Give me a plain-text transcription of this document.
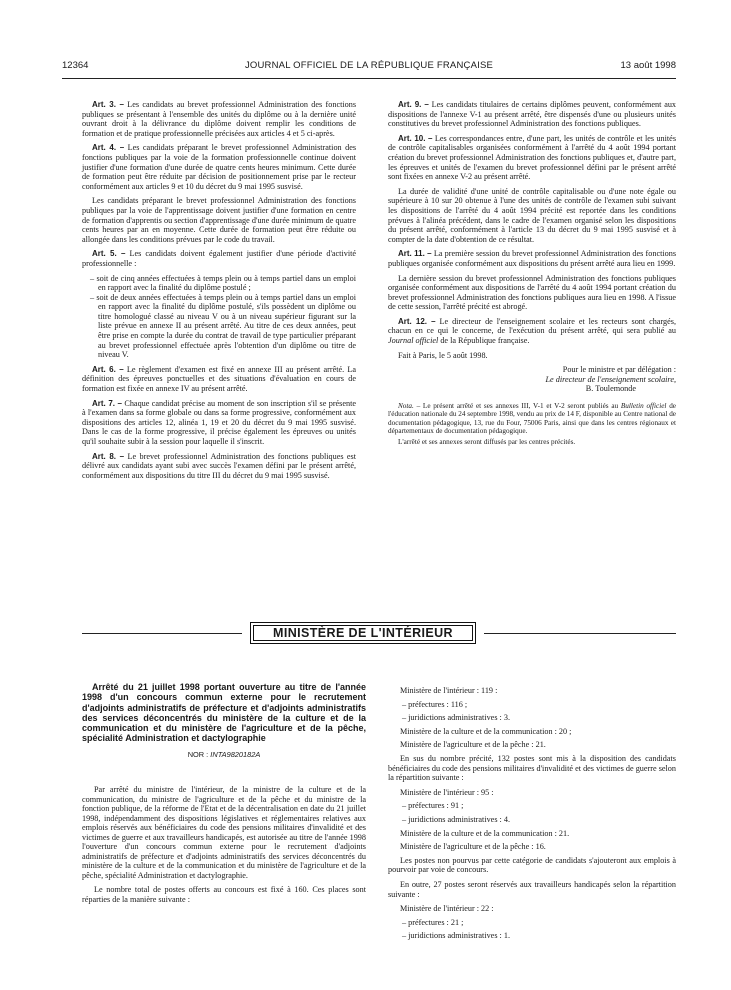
12364	JOURNAL OFFICIEL DE LA RÉPUBLIQUE FRANÇAISE	13 août 1998

Art. 3. – Les candidats au brevet professionnel Administration des fonctions publiques se présentant à l'ensemble des unités du diplôme ou à la dernière unité ouvrant droit à la délivrance du diplôme doivent remplir les conditions de formation et de pratique professionnelle précisées aux articles 4 et 5 ci-après.

Art. 4. – Les candidats préparant le brevet professionnel Administration des fonctions publiques par la voie de la formation professionnelle continue doivent justifier d'une formation d'une durée de quatre cents heures minimum. Cette durée de formation peut être réduite par décision de positionnement prise par le recteur conformément aux articles 9 et 10 du décret du 9 mai 1995 susvisé.

Les candidats préparant le brevet professionnel Administration des fonctions publiques par la voie de l'apprentissage doivent justifier d'une formation en centre de formation d'apprentis ou section d'apprentissage d'une durée minimum de quatre cents heures par an en moyenne. Cette durée de formation peut être réduite ou allongée dans les conditions prévues par le code du travail.

Art. 5. – Les candidats doivent également justifier d'une période d'activité professionnelle :

– soit de cinq années effectuées à temps plein ou à temps partiel dans un emploi en rapport avec la finalité du diplôme postulé ;
– soit de deux années effectuées à temps plein ou à temps partiel dans un emploi en rapport avec la finalité du diplôme postulé, s'ils possèdent un diplôme ou titre homologué classé au niveau V ou à un niveau supérieur figurant sur la liste prévue en annexe II au présent arrêté. Au titre de ces deux années, peut être prise en compte la durée du contrat de travail de type particulier préparant au brevet professionnel effectuée après l'obtention d'un diplôme ou titre de niveau V.

Art. 6. – Le règlement d'examen est fixé en annexe III au présent arrêté. La définition des épreuves ponctuelles et des situations d'évaluation en cours de formation est fixée en annexe IV au présent arrêté.

Art. 7. – Chaque candidat précise au moment de son inscription s'il se présente à l'examen dans sa forme globale ou dans sa forme progressive, conformément aux dispositions des articles 12, alinéa 1, 19 et 20 du décret du 9 mai 1995 susvisé. Dans le cas de la forme progressive, il précise également les épreuves ou unités qu'il souhaite subir à la session pour laquelle il s'inscrit.

Art. 8. – Le brevet professionnel Administration des fonctions publiques est délivré aux candidats ayant subi avec succès l'examen défini par le présent arrêté, conformément aux dispositions du titre III du décret du 9 mai 1995 susvisé.

Art. 9. – Les candidats titulaires de certains diplômes peuvent, conformément aux dispositions de l'annexe V-1 au présent arrêté, être dispensés d'une ou plusieurs unités constitutives du brevet professionnel Administration des fonctions publiques.

Art. 10. – Les correspondances entre, d'une part, les unités de contrôle et les unités de contrôle capitalisables organisées conformément à l'arrêté du 4 août 1994 portant création du brevet professionnel Administration des fonctions publiques et, d'autre part, les épreuves et unités de l'examen du brevet professionnel défini par le présent arrêté sont fixées en annexe V-2 au présent arrêté.

La durée de validité d'une unité de contrôle capitalisable ou d'une note égale ou supérieure à 10 sur 20 obtenue à l'une des unités de contrôle de l'examen subi suivant les dispositions de l'arrêté du 4 août 1994 précité est reportée dans les conditions prévues à l'alinéa précédent, dans le cadre de l'examen organisé selon les dispositions du présent arrêté, conformément à l'article 13 du décret du 9 mai 1995 susvisé et à compter de la date d'obtention de ce résultat.

Art. 11. – La première session du brevet professionnel Administration des fonctions publiques organisée conformément aux dispositions du présent arrêté aura lieu en 1999.

La dernière session du brevet professionnel Administration des fonctions publiques organisée conformément aux dispositions de l'arrêté du 4 août 1994 portant création du brevet professionnel Administration des fonctions publiques aura lieu en 1998. A l'issue de cette session, l'arrêté précité est abrogé.

Art. 12. – Le directeur de l'enseignement scolaire et les recteurs sont chargés, chacun en ce qui le concerne, de l'exécution du présent arrêté, qui sera publié au Journal officiel de la République française.

Fait à Paris, le 5 août 1998.

Pour le ministre et par délégation :

Le directeur de l'enseignement scolaire,

B. Toulemonde

Nota. – Le présent arrêté et ses annexes III, V-1 et V-2 seront publiés au Bulletin officiel de l'éducation nationale du 24 septembre 1998, vendu au prix de 14 F, disponible au Centre national de documentation pédagogique, 13, rue du Four, 75006 Paris, ainsi que dans les centres régionaux et départementaux de documentation pédagogique.

L'arrêté et ses annexes seront diffusés par les centres précités.

MINISTÈRE DE L'INTÉRIEUR

Arrêté du 21 juillet 1998 portant ouverture au titre de l'année 1998 d'un concours commun externe pour le recrutement d'adjoints administratifs de préfecture et d'adjoints administratifs des services déconcentrés du ministère de la culture et de la communication et du ministère de l'agriculture et de la pêche, spécialité Administration et dactylographie

NOR : INTA9820182A

Par arrêté du ministre de l'intérieur, de la ministre de la culture et de la communication, du ministre de l'agriculture et de la pêche et du ministre de la fonction publique, de la réforme de l'Etat et de la décentralisation en date du 21 juillet 1998, indépendamment des dispositions législatives et réglementaires relatives aux emplois réservés aux bénéficiaires du code des pensions militaires d'invalidité et des victimes de guerre et aux travailleurs handicapés, est autorisée au titre de l'année 1998 l'ouverture d'un concours commun externe pour le recrutement d'adjoints administratifs de préfecture et d'adjoints administratifs des services déconcentrés du ministère de la culture et de la communication et du ministère de l'agriculture et de la pêche, spécialité Administration et dactylographie.

Le nombre total de postes offerts au concours est fixé à 160. Ces places sont réparties de la manière suivante :

Ministère de l'intérieur : 119 :

– préfectures : 116 ;

– juridictions administratives : 3.

Ministère de la culture et de la communication : 20 ;

Ministère de l'agriculture et de la pêche : 21.

En sus du nombre précité, 132 postes sont mis à la disposition des candidats bénéficiaires du code des pensions militaires d'invalidité et des victimes de guerre selon la répartition suivante :

Ministère de l'intérieur : 95 :

– préfectures : 91 ;

– juridictions administratives : 4.

Ministère de la culture et de la communication : 21.

Ministère de l'agriculture et de la pêche : 16.

Les postes non pourvus par cette catégorie de candidats s'ajouteront aux emplois à pourvoir par voie de concours.

En outre, 27 postes seront réservés aux travailleurs handicapés selon la répartition suivante :

Ministère de l'intérieur : 22 :

– préfectures : 21 ;

– juridictions administratives : 1.
